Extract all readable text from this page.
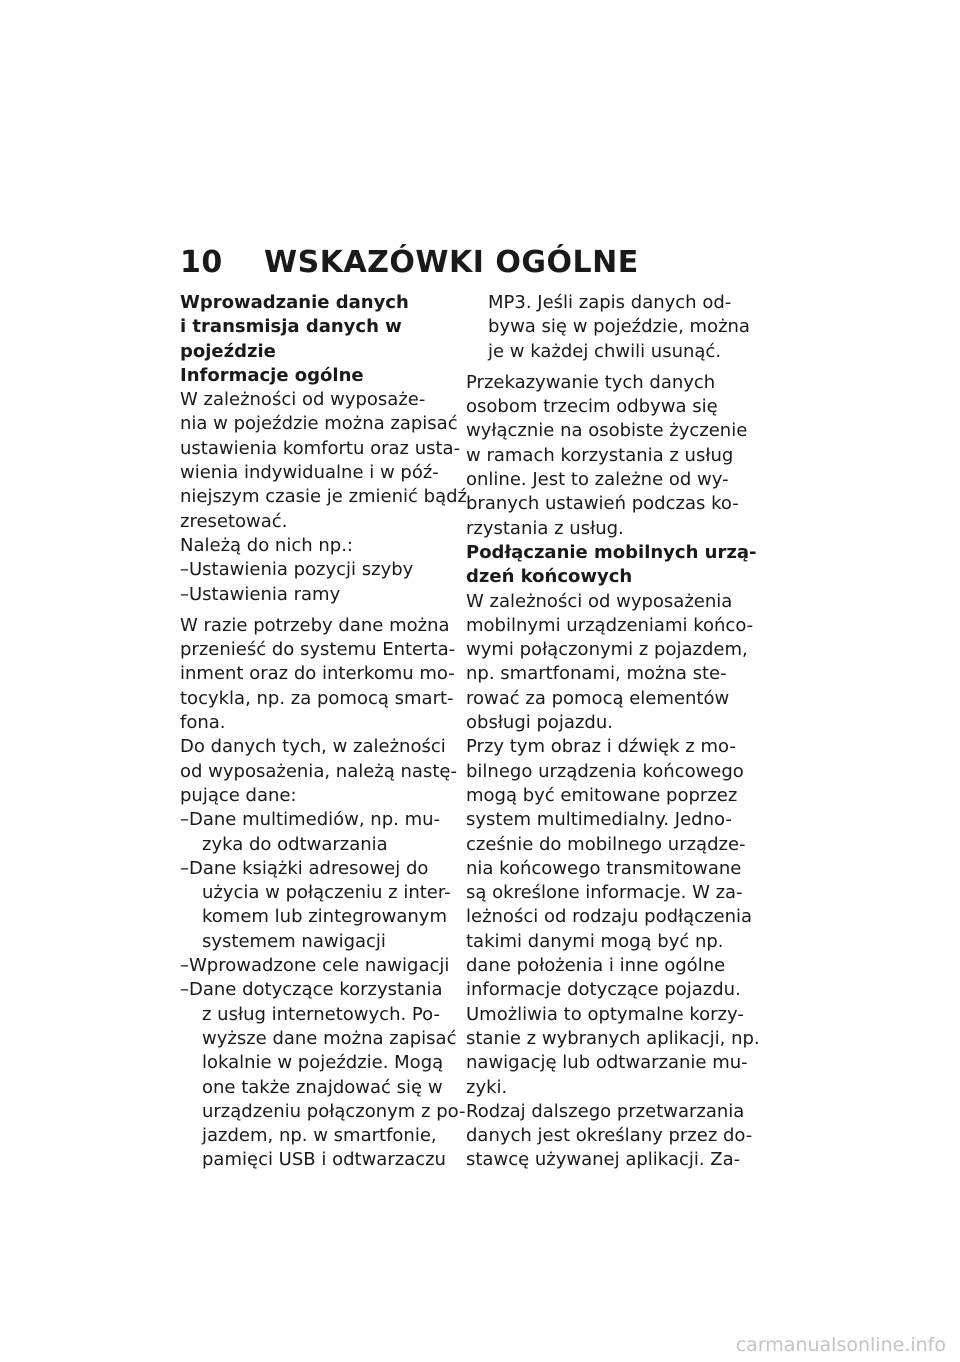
10 WSKAZÓWKI OGÓLNE
Wprowadzanie danych
i transmisja danych w
pojeździe
Informacje ogólne
W zależności od wyposaże-
nia w pojeździe można zapisać
ustawienia komfortu oraz usta-
wienia indywidualne i w póź-
niejszym czasie je zmienić bądź
zresetować.
Należą do nich np.:
–Ustawienia pozycji szyby
–Ustawienia ramy
W razie potrzeby dane można
przenieść do systemu Enterta-
inment oraz do interkomu mo-
tocykla, np. za pomocą smart-
fona.
Do danych tych, w zależności
od wyposażenia, należą nastę-
pujące dane:
–Dane multimediów, np. mu-
zyka do odtwarzania
–Dane książki adresowej do
użycia w połączeniu z inter-
komem lub zintegrowanym
systemem nawigacji
–Wprowadzone cele nawigacji
–Dane dotyczące korzystania
z usług internetowych. Po-
wyższe dane można zapisać
lokalnie w pojeździe. Mogą
one także znajdować się w
urządzeniu połączonym z po-
jazdem, np. w smartfonie,
pamięci USB i odtwarzaczu
MP3. Jeśli zapis danych od-
bywa się w pojeździe, można
je w każdej chwili usunąć.
Przekazywanie tych danych
osobom trzecim odbywa się
wyłącznie na osobiste życzenie
w ramach korzystania z usług
online. Jest to zależne od wy-
branych ustawień podczas ko-
rzystania z usług.
Podłączanie mobilnych urzą-
dzeń końcowych
W zależności od wyposażenia
mobilnymi urządzeniami końco-
wymi połączonymi z pojazdem,
np. smartfonami, można ste-
rować za pomocą elementów
obsługi pojazdu.
Przy tym obraz i dźwięk z mo-
bilnego urządzenia końcowego
mogą być emitowane poprzez
system multimedialny. Jedno-
cześnie do mobilnego urządze-
nia końcowego transmitowane
są określone informacje. W za-
leżności od rodzaju podłączenia
takimi danymi mogą być np.
dane położenia i inne ogólne
informacje dotyczące pojazdu.
Umożliwia to optymalne korzy-
stanie z wybranych aplikacji, np.
nawigację lub odtwarzanie mu-
zyki.
Rodzaj dalszego przetwarzania
danych jest określany przez do-
stawcę używanej aplikacji. Za-
carmanualsonline.info
